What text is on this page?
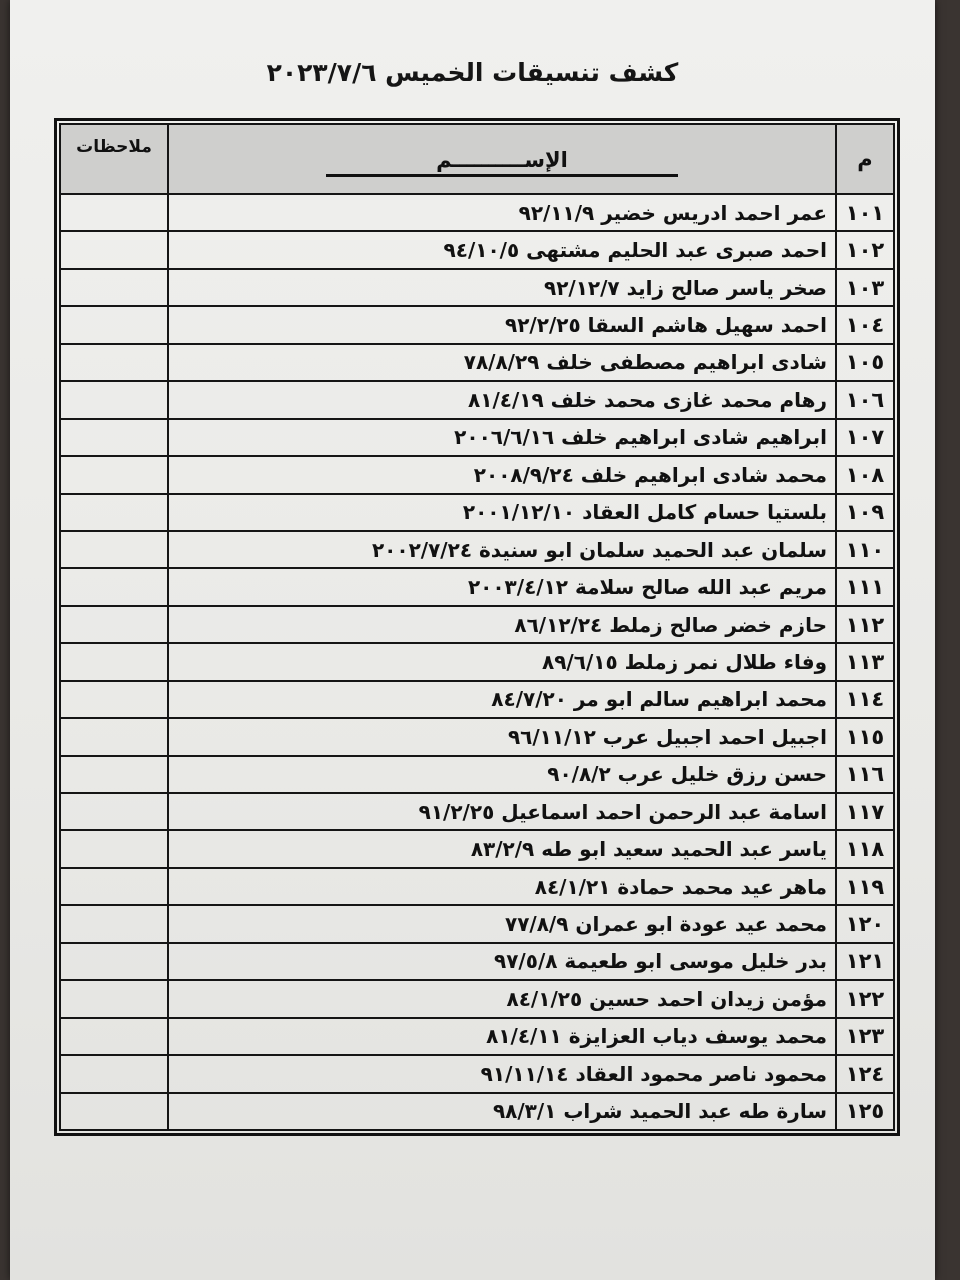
كشف تنسيقات الخميس ٢٠٢٣/٧/٦
م	الإســــــــــم	ملاحظات
١٠١	عمر احمد ادريس خضير ٩٢/١١/٩	
١٠٢	احمد صبرى عبد الحليم مشتهى ٩٤/١٠/٥	
١٠٣	صخر ياسر صالح زايد ٩٢/١٢/٧	
١٠٤	احمد سهيل هاشم السقا ٩٢/٢/٢٥	
١٠٥	شادى ابراهيم مصطفى خلف ٧٨/٨/٢٩	
١٠٦	رهام محمد غازى محمد خلف ٨١/٤/١٩	
١٠٧	ابراهيم شادى ابراهيم خلف ٢٠٠٦/٦/١٦	
١٠٨	محمد شادى ابراهيم خلف ٢٠٠٨/٩/٢٤	
١٠٩	بلستيا حسام كامل العقاد ٢٠٠١/١٢/١٠	
١١٠	سلمان عبد الحميد سلمان ابو سنيدة ٢٠٠٢/٧/٢٤	
١١١	مريم عبد الله صالح سلامة ٢٠٠٣/٤/١٢	
١١٢	حازم خضر صالح زملط ٨٦/١٢/٢٤	
١١٣	وفاء طلال نمر زملط ٨٩/٦/١٥	
١١٤	محمد ابراهيم سالم ابو مر ٨٤/٧/٢٠	
١١٥	اجبيل احمد اجبيل عرب ٩٦/١١/١٢	
١١٦	حسن رزق خليل عرب ٩٠/٨/٢	
١١٧	اسامة عبد الرحمن احمد اسماعيل ٩١/٢/٢٥	
١١٨	ياسر عبد الحميد سعيد ابو طه ٨٣/٢/٩	
١١٩	ماهر عيد محمد حمادة ٨٤/١/٢١	
١٢٠	محمد عيد عودة ابو عمران ٧٧/٨/٩	
١٢١	بدر خليل موسى ابو طعيمة ٩٧/٥/٨	
١٢٢	مؤمن زيدان احمد حسين ٨٤/١/٢٥	
١٢٣	محمد يوسف دياب العزايزة ٨١/٤/١١	
١٢٤	محمود ناصر محمود العقاد ٩١/١١/١٤	
١٢٥	سارة طه عبد الحميد شراب ٩٨/٣/١	
